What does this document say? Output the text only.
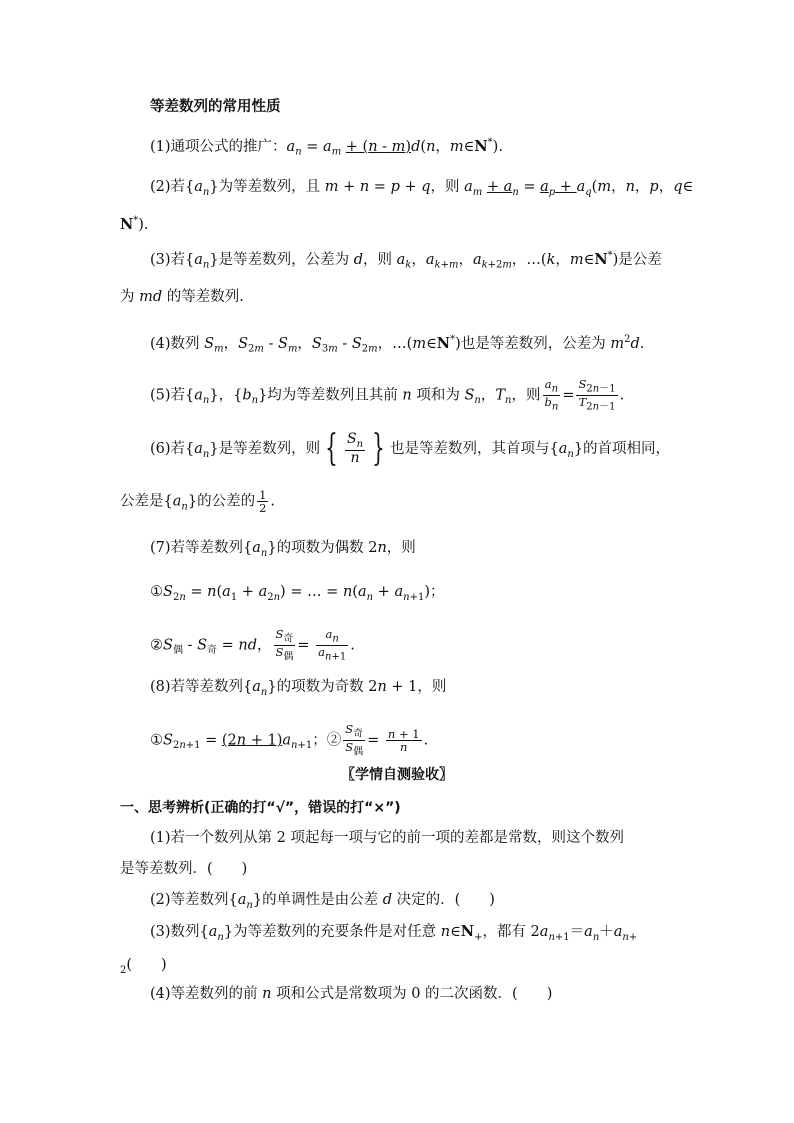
等差数列的常用性质
(1)通项公式的推广：$a_n = a_m + (n - m)d(n$，m∈N*).
(2)若$\{a_n\}$为等差数列，且 m + n = p + q，则 $a_m + a_n = a_p + a_q(m$，n，p，q∈
N*).
(3)若$\{a_n\}$是等差数列，公差为 d，则 $a_k$，$a_{k+m}$，$a_{k+2m}$，…(k，m∈N*)是公差
为 md 的等差数列.
(4)数列 $S_m$，$S_{2m} - S_m$，$S_{3m} - S_{2m}$，…(m∈N*)也是等差数列，公差为 $m^2d$.
(5)若$\{a_n\}$，$\{b_n\}$均为等差数列且其前 n 项和为 $S_n$，$T_n$，则 $\frac{a_n}{b_n} = \frac{S_{2n-1}}{T_{2n-1}}$ .
(6)若$\{a_n\}$是等差数列，则 { $\frac{S_n}{n}$ } 也是等差数列，其首项与$\{a_n\}$的首项相同，
公差是$\{a_n\}$的公差的 $\frac{1}{2}$ .
(7)若等差数列$\{a_n\}$的项数为偶数 2n，则
$①S_{2n} = n(a_1 + a_{2n})$ = … = $n(a_n + a_{n+1})$；
$②S_偶 - S_奇$ = nd， $\frac{S_奇}{S_偶} = \frac{a_n}{a_{n+1}}$ .
(8)若等差数列$\{a_n\}$的项数为奇数 2n + 1，则
$①S_{2n+1} = (2n + 1)a_{n+1}$；② $\frac{S_奇}{S_偶} = \frac{n + 1}{n}$ .
〖学情自测验收〗
一、思考辨析(正确的打“√”，错误的打“×”)
(1)若一个数列从第 2 项起每一项与它的前一项的差都是常数，则这个数列
是等差数列．(　　)
(2)等差数列$\{a_n\}$的单调性是由公差 d 决定的．(　　)
(3)数列$\{a_n\}$为等差数列的充要条件是对任意 $n\in N_+$，都有 $2a_{n+1}=a_n+a_{n+}$
$_2$(　　)
(4)等差数列的前 n 项和公式是常数项为 0 的二次函数．(　　)
